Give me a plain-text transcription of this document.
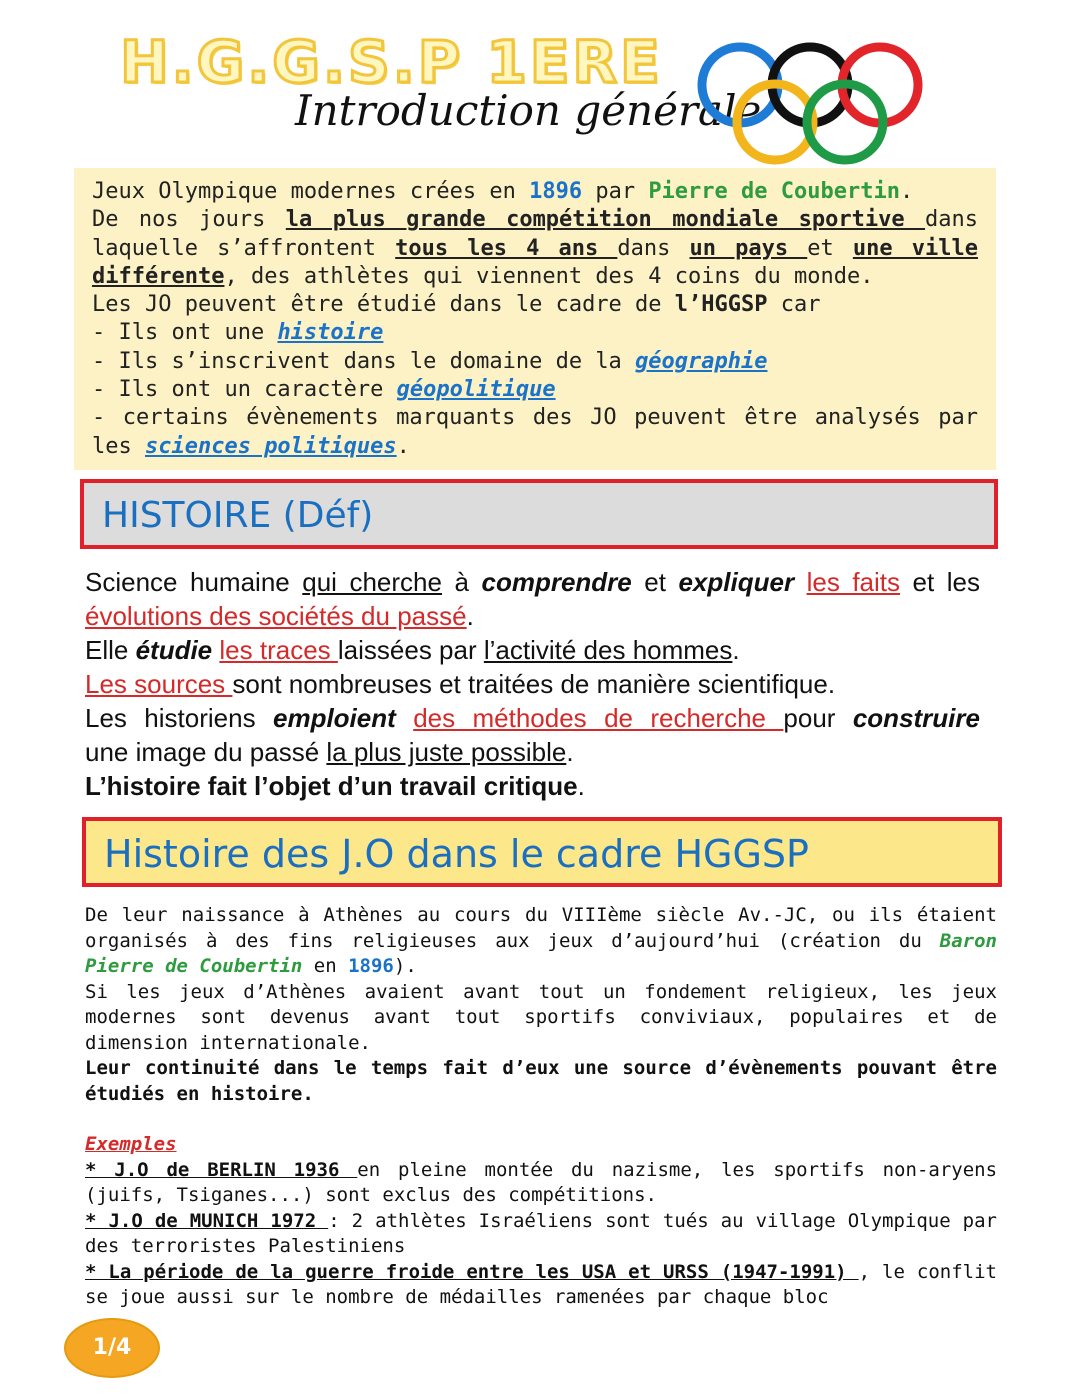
H.G.G.S.P 1ERE
Introduction générale

Jeux Olympique modernes crées en 1896 par Pierre de Coubertin.

De nos jours la plus grande compétition mondiale sportive dans

laquelle s’affrontent tous les 4 ans dans un pays et une ville

différente, des athlètes qui viennent des 4 coins du monde.

Les JO peuvent être étudié dans le cadre de l’HGGSP car

- Ils ont une histoire

- Ils s’inscrivent dans le domaine de la géographie

- Ils ont un caractère géopolitique

- certains évènements marquants des JO peuvent être analysés par

les sciences politiques.

HISTOIRE (Déf)

Science humaine qui cherche à comprendre et expliquer les faits et les

évolutions des sociétés du passé.

Elle étudie les traces laissées par l’activité des hommes.

Les sources sont nombreuses et traitées de manière scientifique.

Les historiens emploient des méthodes de recherche pour construire

une image du passé la plus juste possible.

L’histoire fait l’objet d’un travail critique.

Histoire des J.O dans le cadre HGGSP

De leur naissance à Athènes au cours du VIIIème siècle Av.-JC, ou ils étaient organisés à des fins religieuses aux jeux d’aujourd’hui (création du Baron Pierre de Coubertin en 1896).

Si les jeux d’Athènes avaient avant tout un fondement religieux, les jeux modernes sont devenus avant tout sportifs conviviaux, populaires et de dimension internationale.

Leur continuité dans le temps fait d’eux une source d’évènements pouvant être étudiés en histoire.

Exemples

* J.O de BERLIN 1936 en pleine montée du nazisme, les sportifs non-aryens (juifs, Tsiganes...) sont exclus des compétitions.

* J.O de MUNICH 1972 : 2 athlètes Israéliens sont tués au village Olympique par des terroristes Palestiniens

* La période de la guerre froide entre les USA et URSS (1947-1991) , le conflit se joue aussi sur le nombre de médailles ramenées par chaque bloc

1/4
